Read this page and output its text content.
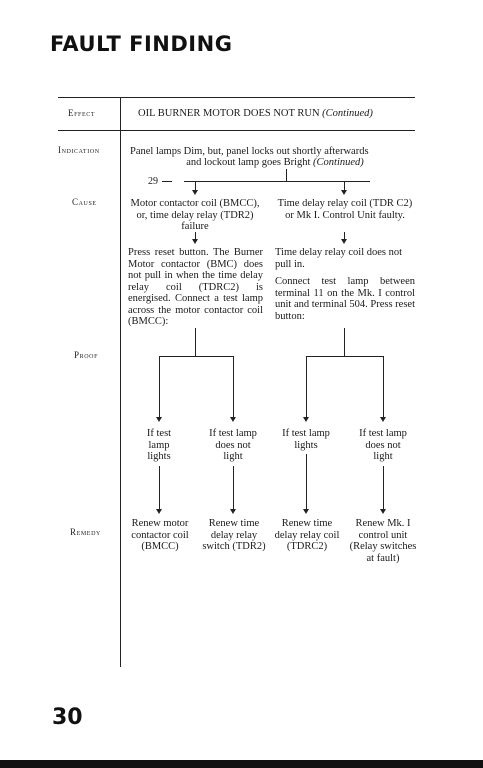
FAULT FINDING
Effect
Indication
Cause
Proof
Remedy
OIL BURNER MOTOR DOES NOT RUN (Continued)
Panel lamps Dim, but, panel locks out shortly afterwards
and lockout lamp goes Bright (Continued)
29
Motor contactor coil (BMCC), or, time delay relay (TDR2) failure
Time delay relay coil (TDR C2) or Mk I. Control Unit faulty.
Press reset button. The Burner Motor contactor (BMC) does not pull in when the time delay relay coil (TDRC2) is energised. Connect a test lamp across the motor contactor coil (BMCC):
Time delay relay coil does not pull in.
Connect test lamp between terminal 11 on the Mk. I control unit and terminal 504. Press reset button:
If test lamp lights
If test lamp does not light
If test lamp lights
If test lamp does not light
Renew motor contactor coil (BMCC)
Renew time delay relay switch (TDR2)
Renew time delay relay coil (TDRC2)
Renew Mk. I control unit (Relay switches at fault)
30
